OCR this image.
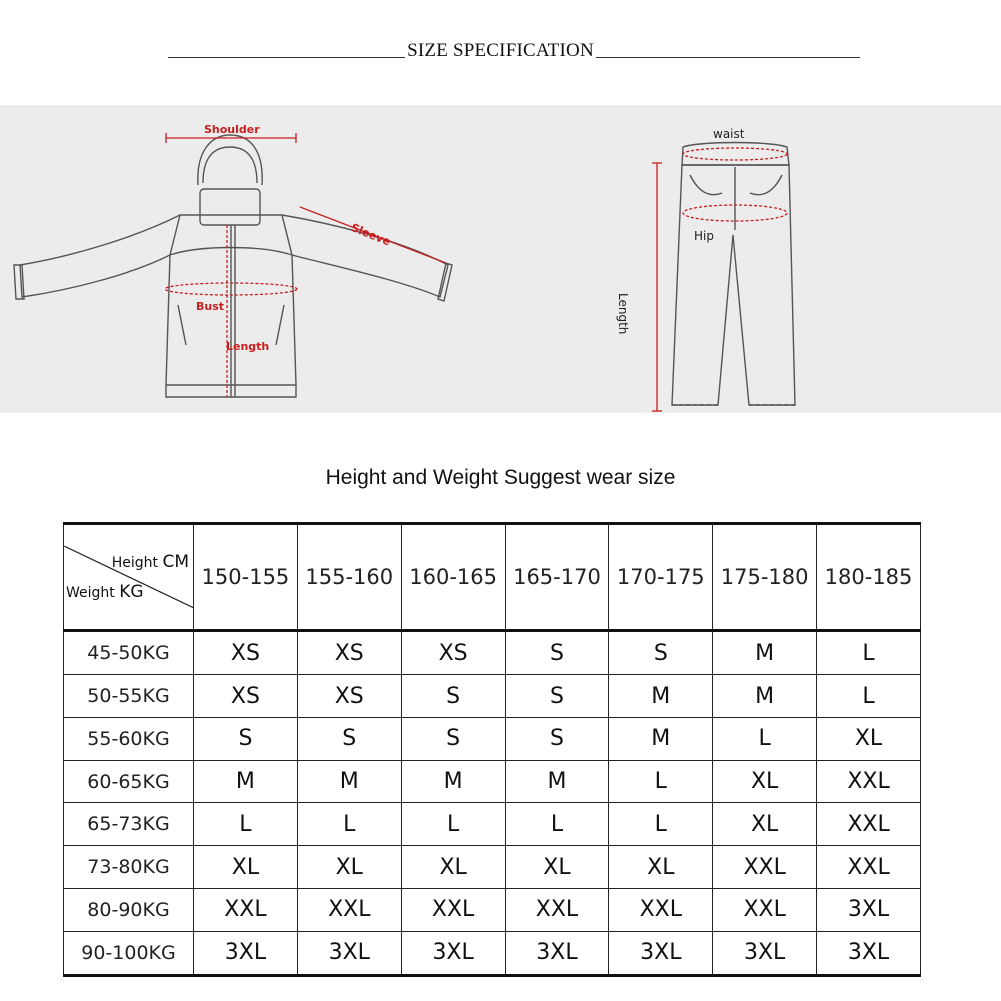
SIZE SPECIFICATION
Shoulder
Sleeve
Bust
Length
waist
Hip
Length
Height and Weight Suggest wear size
Height CM
Weight KG	150-155	155-160	160-165	165-170	170-175	175-180	180-185
45-50KG	XS	XS	XS	S	S	M	L
50-55KG	XS	XS	S	S	M	M	L
55-60KG	S	S	S	S	M	L	XL
60-65KG	M	M	M	M	L	XL	XXL
65-73KG	L	L	L	L	L	XL	XXL
73-80KG	XL	XL	XL	XL	XL	XXL	XXL
80-90KG	XXL	XXL	XXL	XXL	XXL	XXL	3XL
90-100KG	3XL	3XL	3XL	3XL	3XL	3XL	3XL
